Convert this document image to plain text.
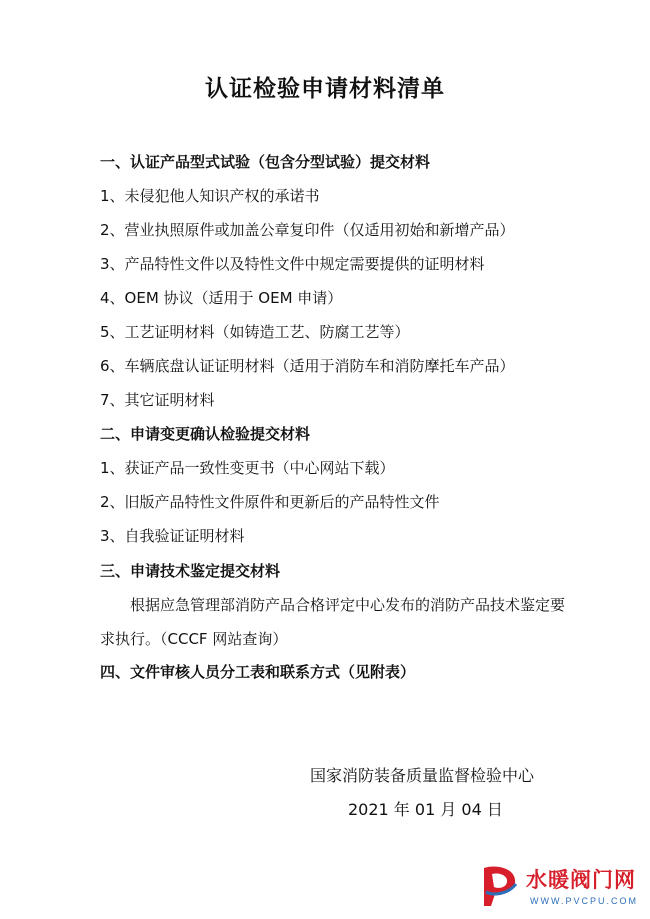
认证检验申请材料清单
一、认证产品型式试验（包含分型试验）提交材料
1、未侵犯他人知识产权的承诺书
2、营业执照原件或加盖公章复印件（仅适用初始和新增产品）
3、产品特性文件以及特性文件中规定需要提供的证明材料
4、OEM 协议（适用于 OEM 申请）
5、工艺证明材料（如铸造工艺、防腐工艺等）
6、车辆底盘认证证明材料（适用于消防车和消防摩托车产品）
7、其它证明材料
二、申请变更确认检验提交材料
1、获证产品一致性变更书（中心网站下载）
2、旧版产品特性文件原件和更新后的产品特性文件
3、自我验证证明材料
三、申请技术鉴定提交材料
根据应急管理部消防产品合格评定中心发布的消防产品技术鉴定要求执行。（CCCF 网站查询）
四、文件审核人员分工表和联系方式（见附表）
国家消防装备质量监督检验中心
2021 年 01 月 04 日
水暖阀门网
WWW.PVCPU.COM
